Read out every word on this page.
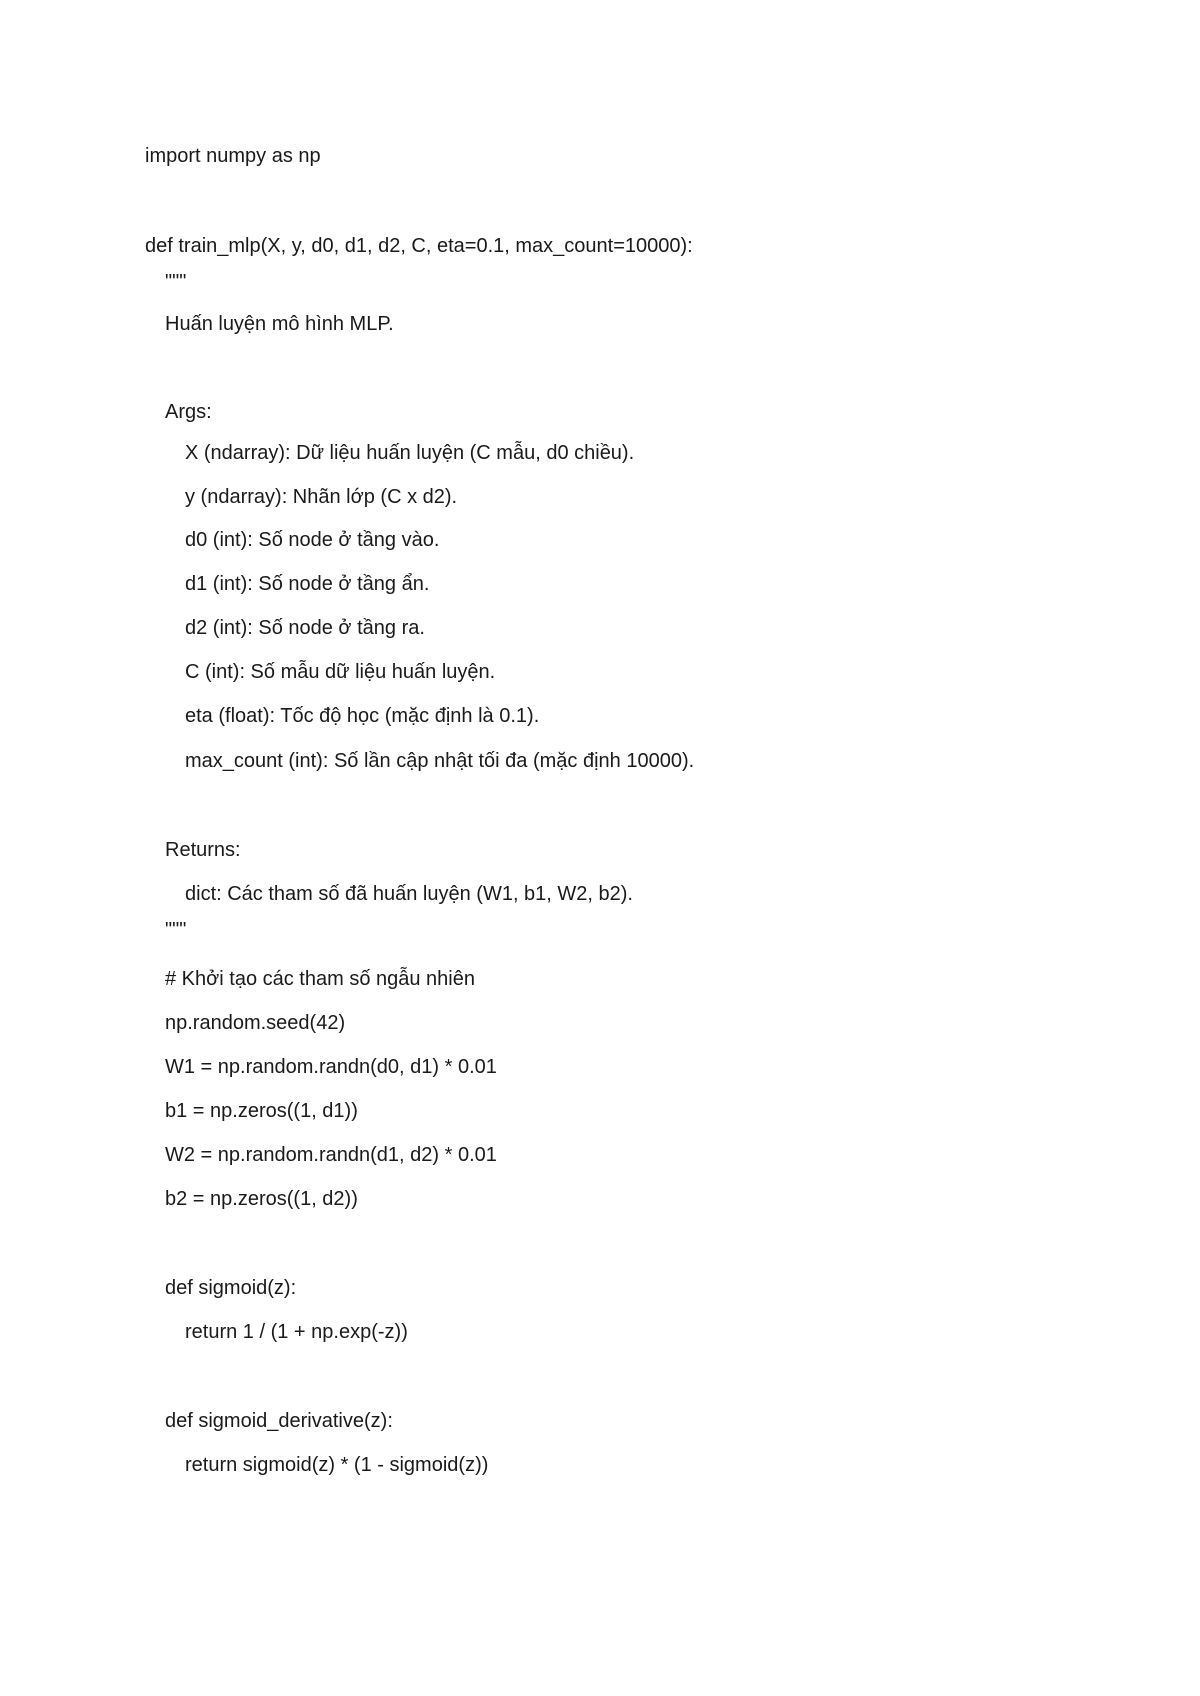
import numpy as np
def train_mlp(X, y, d0, d1, d2, C, eta=0.1, max_count=10000):
"""
Huấn luyện mô hình MLP.
Args:
X (ndarray): Dữ liệu huấn luyện (C mẫu, d0 chiều).
y (ndarray): Nhãn lớp (C x d2).
d0 (int): Số node ở tầng vào.
d1 (int): Số node ở tầng ẩn.
d2 (int): Số node ở tầng ra.
C (int): Số mẫu dữ liệu huấn luyện.
eta (float): Tốc độ học (mặc định là 0.1).
max_count (int): Số lần cập nhật tối đa (mặc định 10000).
Returns:
dict: Các tham số đã huấn luyện (W1, b1, W2, b2).
"""
# Khởi tạo các tham số ngẫu nhiên
np.random.seed(42)
W1 = np.random.randn(d0, d1) * 0.01
b1 = np.zeros((1, d1))
W2 = np.random.randn(d1, d2) * 0.01
b2 = np.zeros((1, d2))
def sigmoid(z):
return 1 / (1 + np.exp(-z))
def sigmoid_derivative(z):
return sigmoid(z) * (1 - sigmoid(z))
